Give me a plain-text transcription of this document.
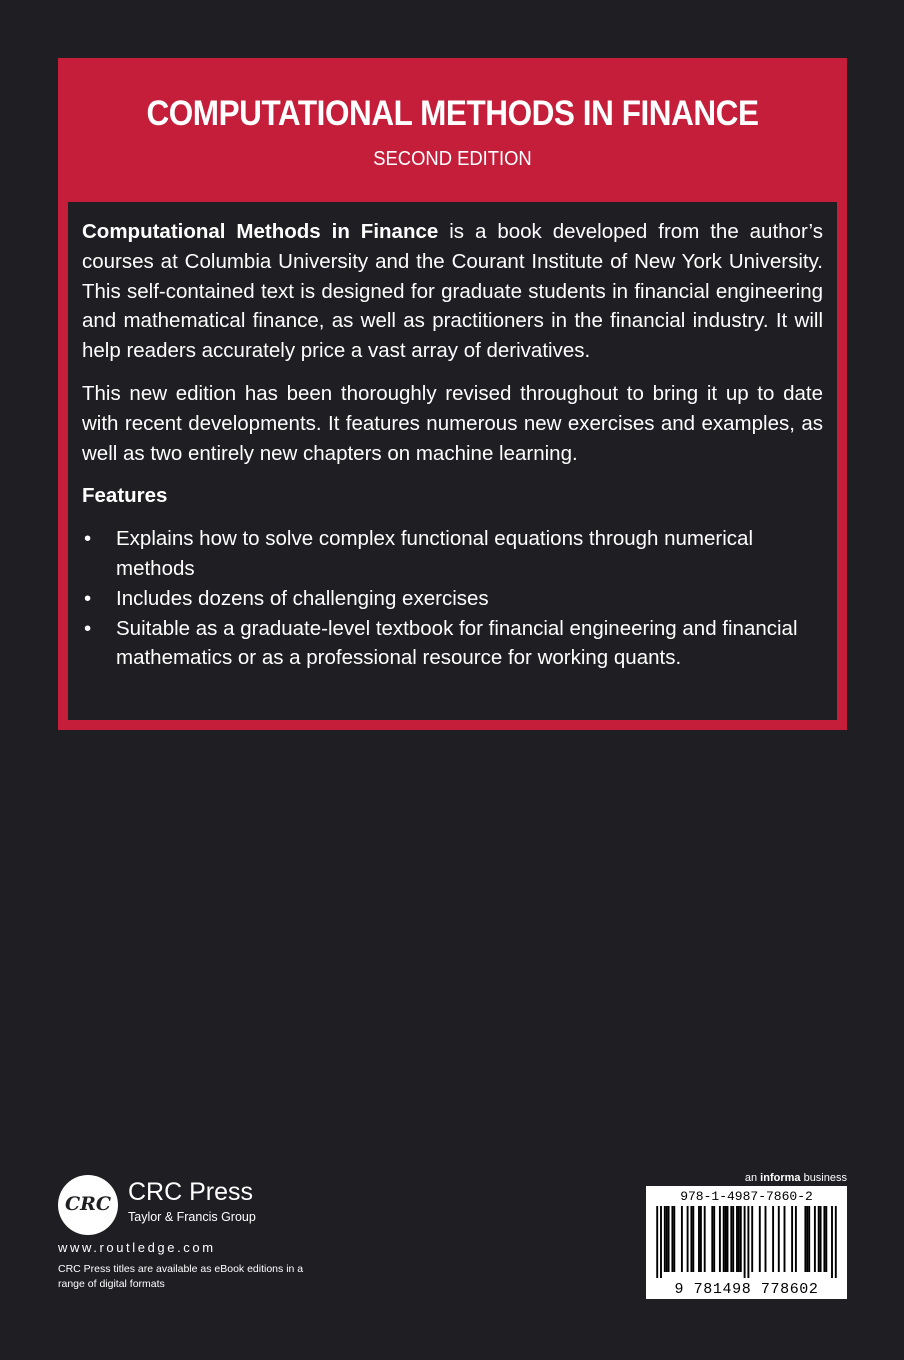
COMPUTATIONAL METHODS IN FINANCE
SECOND EDITION

Computational Methods in Finance is a book developed from the author’s courses at Columbia University and the Courant Institute of New York University. This self-contained text is designed for graduate students in financial engineering and mathematical finance, as well as practitioners in the financial industry. It will help readers accurately price a vast array of derivatives.

This new edition has been thoroughly revised throughout to bring it up to date with recent developments. It features numerous new exercises and examples, as well as two entirely new chapters on machine learning.

Features
• Explains how to solve complex functional equations through numerical methods
• Includes dozens of challenging exercises
• Suitable as a graduate-level textbook for financial engineering and financial mathematics or as a professional resource for working quants.
CRC CRC Press
Taylor & Francis Group
www.routledge.com
CRC Press titles are available as eBook editions in a range of digital formats
an informa business
978-1-4987-7860-2
9 781498 778602
